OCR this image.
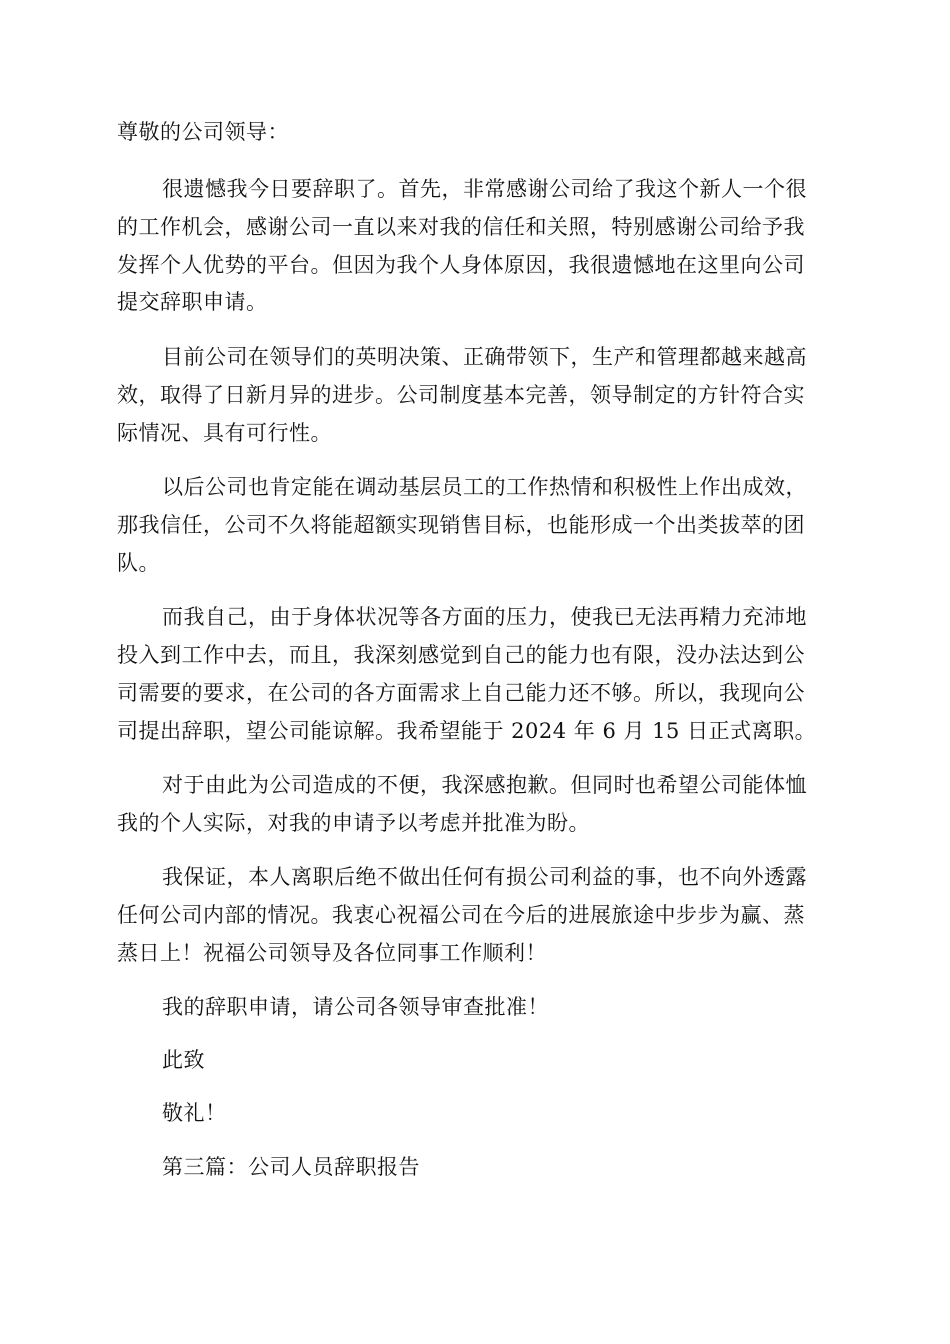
尊敬的公司领导：
很遗憾我今日要辞职了。首先，非常感谢公司给了我这个新人一个很
的工作机会，感谢公司一直以来对我的信任和关照，特别感谢公司给予我
发挥个人优势的平台。但因为我个人身体原因，我很遗憾地在这里向公司
提交辞职申请。
目前公司在领导们的英明决策、正确带领下，生产和管理都越来越高
效，取得了日新月异的进步。公司制度基本完善，领导制定的方针符合实
际情况、具有可行性。
以后公司也肯定能在调动基层员工的工作热情和积极性上作出成效，
那我信任，公司不久将能超额实现销售目标，也能形成一个出类拔萃的团
队。
而我自己，由于身体状况等各方面的压力，使我已无法再精力充沛地
投入到工作中去，而且，我深刻感觉到自己的能力也有限，没办法达到公
司需要的要求，在公司的各方面需求上自己能力还不够。所以，我现向公
司提出辞职，望公司能谅解。我希望能于 2024 年 6 月 15 日正式离职。
对于由此为公司造成的不便，我深感抱歉。但同时也希望公司能体恤
我的个人实际，对我的申请予以考虑并批准为盼。
我保证，本人离职后绝不做出任何有损公司利益的事，也不向外透露
任何公司内部的情况。我衷心祝福公司在今后的进展旅途中步步为赢、蒸
蒸日上！祝福公司领导及各位同事工作顺利！
我的辞职申请，请公司各领导审查批准！
此致
敬礼！
第三篇：公司人员辞职报告
